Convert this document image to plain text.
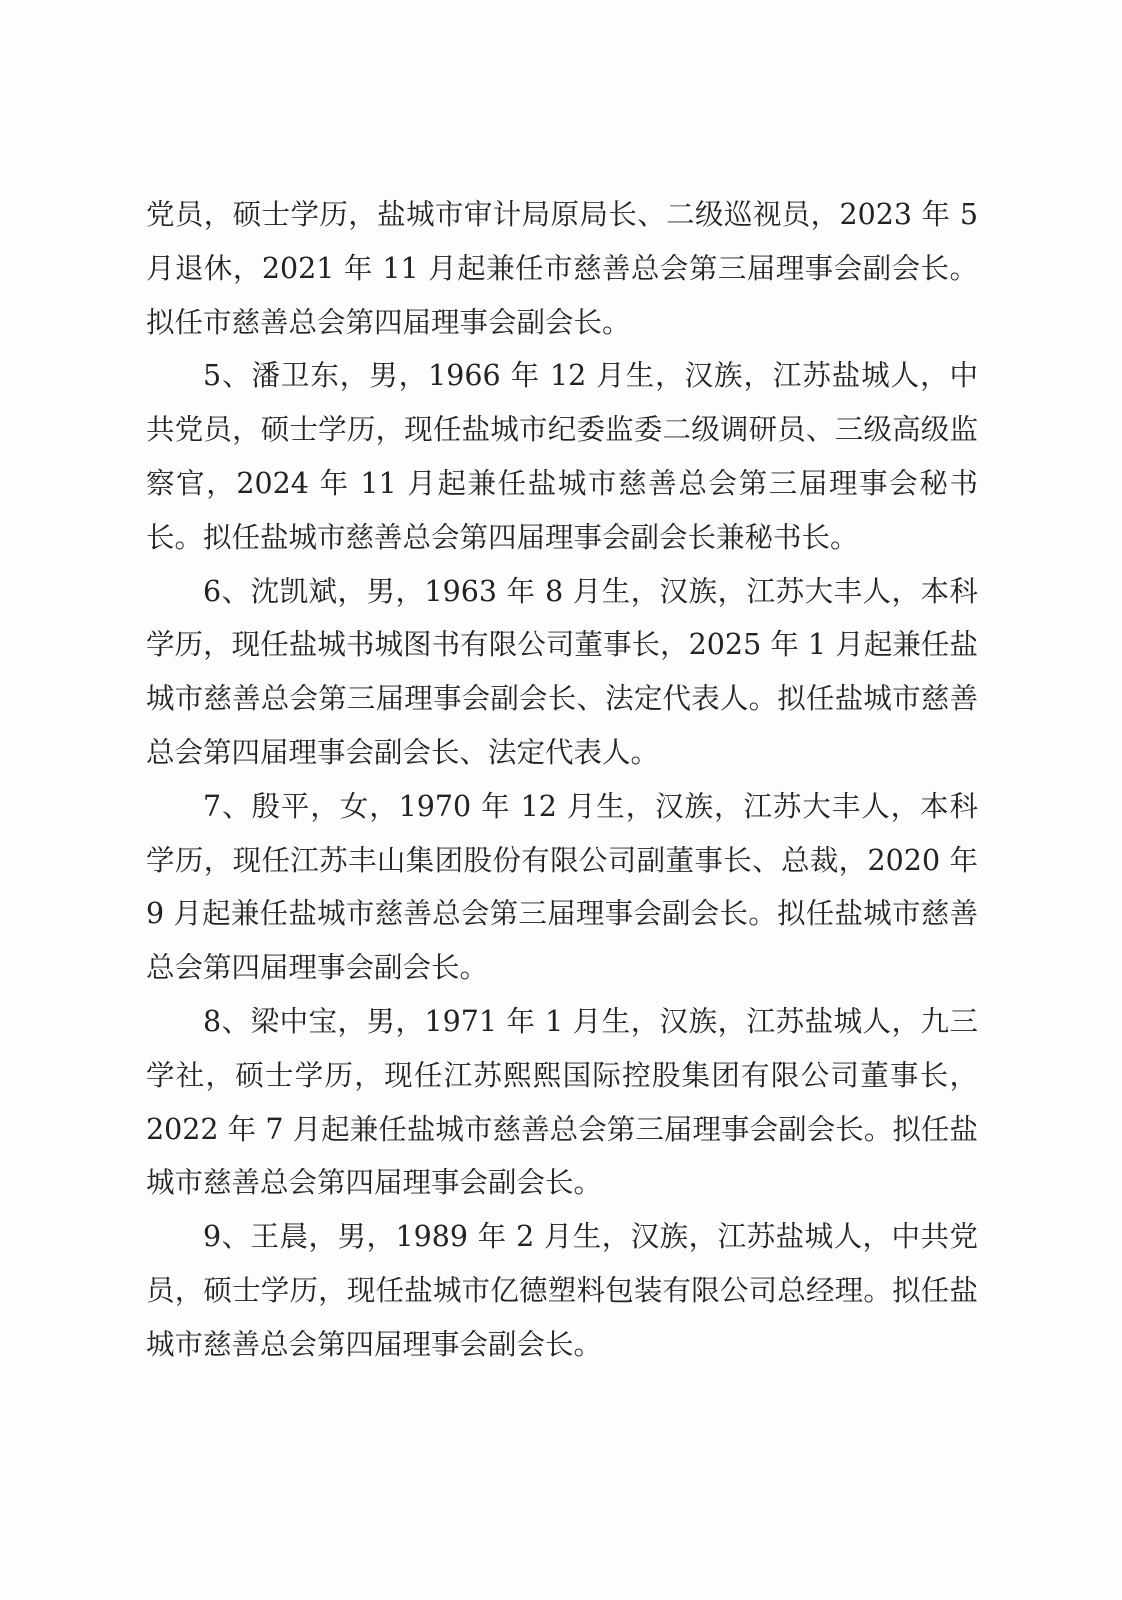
党员，硕士学历，盐城市审计局原局长、二级巡视员，2023 年 5 月退休，2021 年 11 月起兼任市慈善总会第三届理事会副会长。拟任市慈善总会第四届理事会副会长。

5、潘卫东，男，1966 年 12 月生，汉族，江苏盐城人，中共党员，硕士学历，现任盐城市纪委监委二级调研员、三级高级监察官，2024 年 11 月起兼任盐城市慈善总会第三届理事会秘书长。拟任盐城市慈善总会第四届理事会副会长兼秘书长。

6、沈凯斌，男，1963 年 8 月生，汉族，江苏大丰人，本科学历，现任盐城书城图书有限公司董事长，2025 年 1 月起兼任盐城市慈善总会第三届理事会副会长、法定代表人。拟任盐城市慈善总会第四届理事会副会长、法定代表人。

7、殷平，女，1970 年 12 月生，汉族，江苏大丰人，本科学历，现任江苏丰山集团股份有限公司副董事长、总裁，2020 年 9 月起兼任盐城市慈善总会第三届理事会副会长。拟任盐城市慈善总会第四届理事会副会长。

8、梁中宝，男，1971 年 1 月生，汉族，江苏盐城人，九三学社，硕士学历，现任江苏熙熙国际控股集团有限公司董事长，2022 年 7 月起兼任盐城市慈善总会第三届理事会副会长。拟任盐城市慈善总会第四届理事会副会长。

9、王晨，男，1989 年 2 月生，汉族，江苏盐城人，中共党员，硕士学历，现任盐城市亿德塑料包装有限公司总经理。拟任盐城市慈善总会第四届理事会副会长。
